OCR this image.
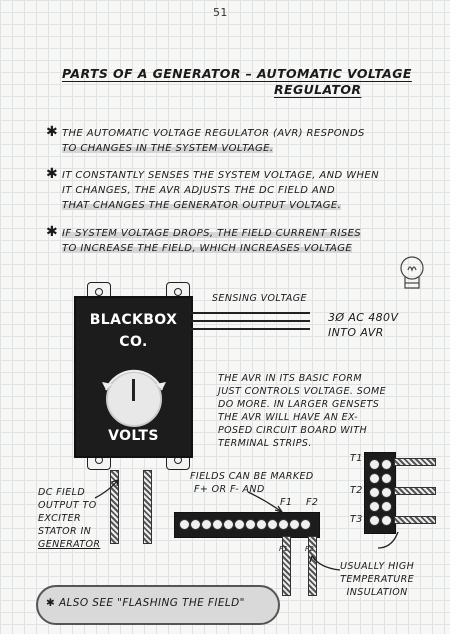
51
PARTS OF A GENERATOR – AUTOMATIC VOLTAGE
REGULATOR
✱ THE AUTOMATIC VOLTAGE REGULATOR (AVR) RESPONDS
TO CHANGES IN THE SYSTEM VOLTAGE.
✱ IT CONSTANTLY SENSES THE SYSTEM VOLTAGE, AND WHEN
IT CHANGES, THE AVR ADJUSTS THE DC FIELD AND
THAT CHANGES THE GENERATOR OUTPUT VOLTAGE.
✱ IF SYSTEM VOLTAGE DROPS, THE FIELD CURRENT RISES
TO INCREASE THE FIELD, WHICH INCREASES VOLTAGE
BLACKBOX
CO.
VOLTS
SENSING VOLTAGE
3Ø AC 480V
INTO AVR
THE AVR IN ITS BASIC FORM
JUST CONTROLS VOLTAGE. SOME
DO MORE. IN LARGER GENSETS
THE AVR WILL HAVE AN EX-
POSED CIRCUIT BOARD WITH
TERMINAL STRIPS.
FIELDS CAN BE MARKED
F+ OR F- AND
F1 F2
F1 F2
T1
T2
T3
DC FIELD
OUTPUT TO
EXCITER
STATOR IN
GENERATOR
USUALLY HIGH
TEMPERATURE
INSULATION
✱ ALSO SEE "FLASHING THE FIELD"
